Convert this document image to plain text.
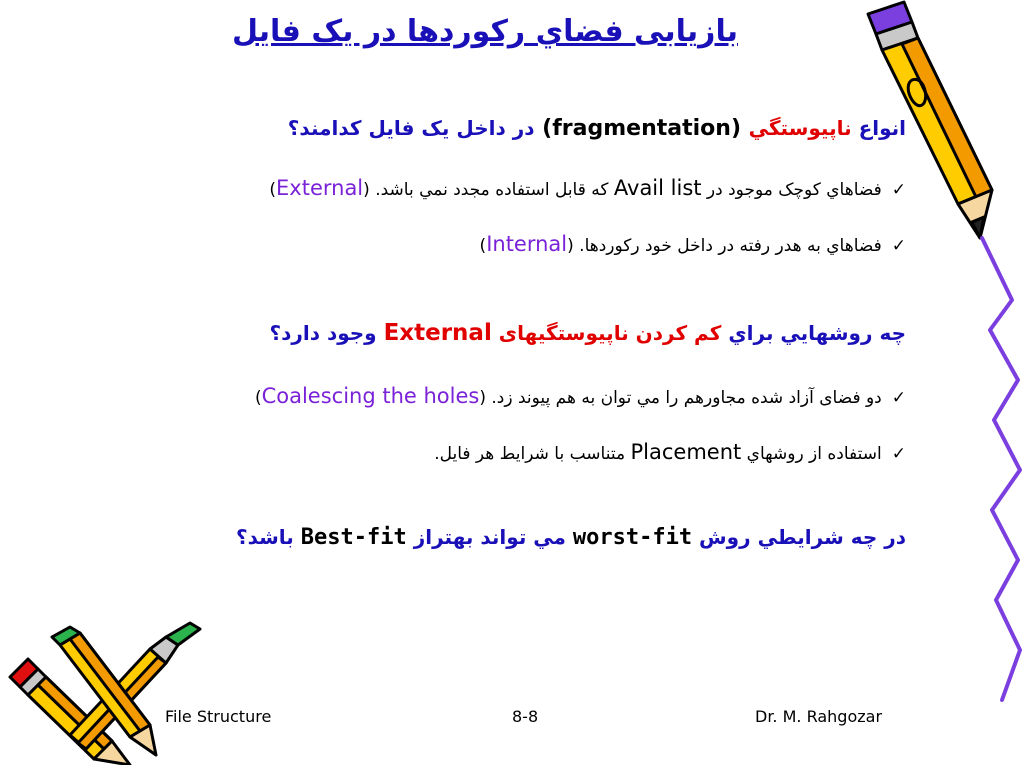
بازيابی فضاي رکوردها در يک فايل
انواع ناپيوستگي (fragmentation) در داخل يک فايل کدامند؟
✓فضاهاي کوچک موجود در Avail list که قابل استفاده مجدد نمي باشد. (External)
✓فضاهاي به هدر رفته در داخل خود رکوردها. (Internal)
چه روشهايي براي کم کردن ناپيوستگيهای External وجود دارد؟
✓دو فضای آزاد شده مجاورهم را مي توان به هم پيوند زد. (Coalescing the holes)
✓استفاده از روشهاي Placement متناسب با شرايط هر فايل.
در چه شرايطي روش worst-fit مي تواند بهتراز Best-fit باشد؟
File Structure	8-8	Dr. M. Rahgozar
